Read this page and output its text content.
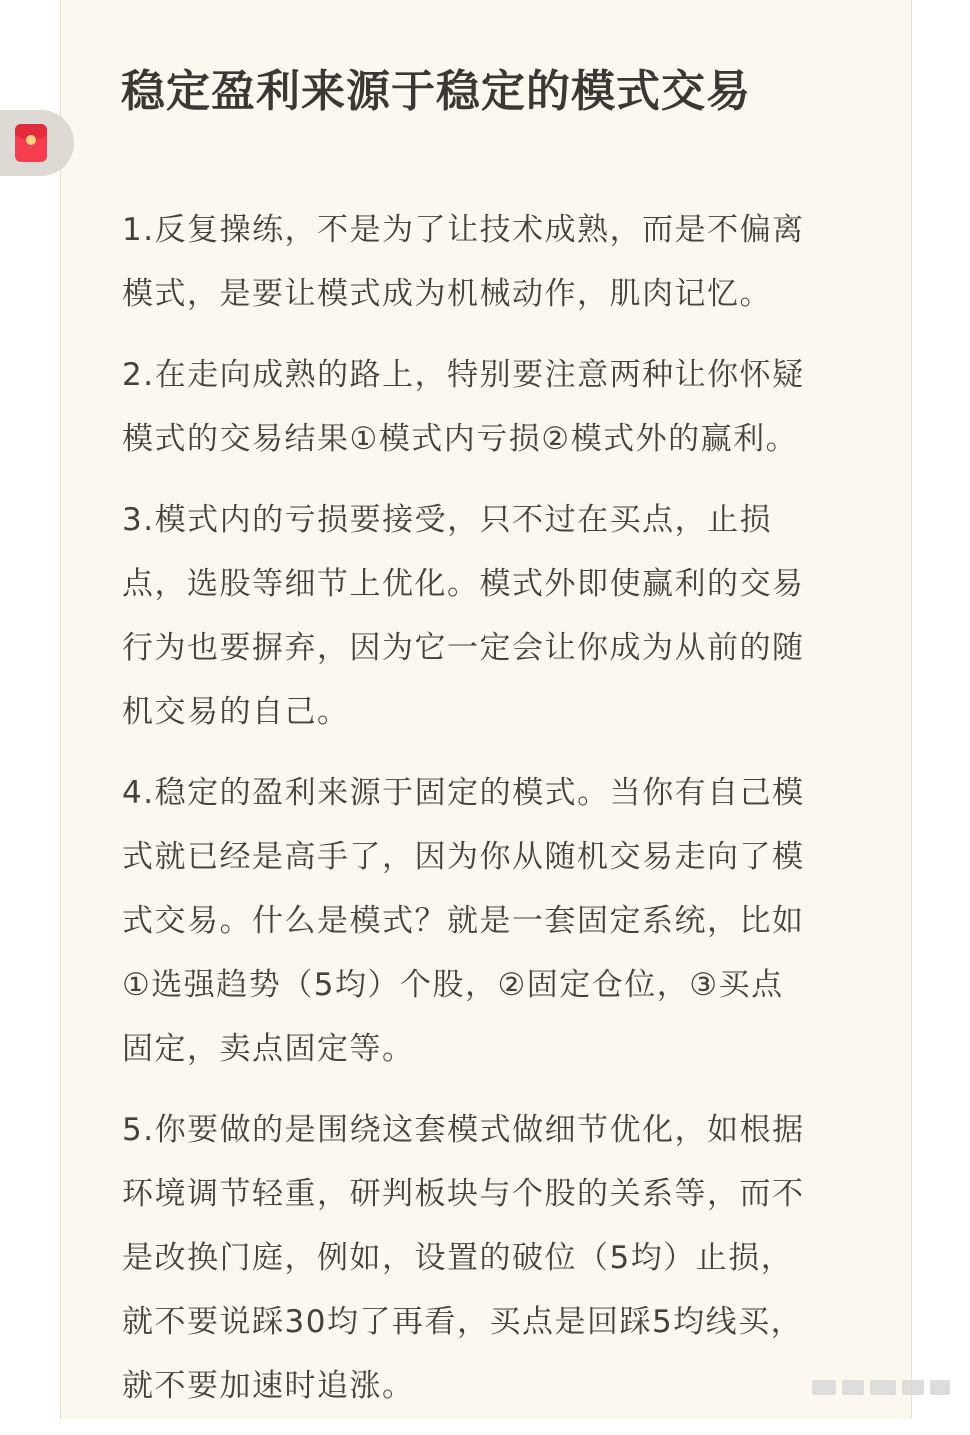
稳定盈利来源于稳定的模式交易

1.反复操练，不是为了让技术成熟，而是不偏离
模式，是要让模式成为机械动作，肌肉记忆。

2.在走向成熟的路上，特别要注意两种让你怀疑
模式的交易结果①模式内亏损②模式外的赢利。

3.模式内的亏损要接受，只不过在买点，止损
点，选股等细节上优化。模式外即使赢利的交易
行为也要摒弃，因为它一定会让你成为从前的随
机交易的自己。

4.稳定的盈利来源于固定的模式。当你有自己模
式就已经是高手了，因为你从随机交易走向了模
式交易。什么是模式？就是一套固定系统，比如
①选强趋势（5均）个股，②固定仓位，③买点
固定，卖点固定等。

5.你要做的是围绕这套模式做细节优化，如根据
环境调节轻重，研判板块与个股的关系等，而不
是改换门庭，例如，设置的破位（5均）止损，
就不要说踩30均了再看，买点是回踩5均线买，
就不要加速时追涨。
